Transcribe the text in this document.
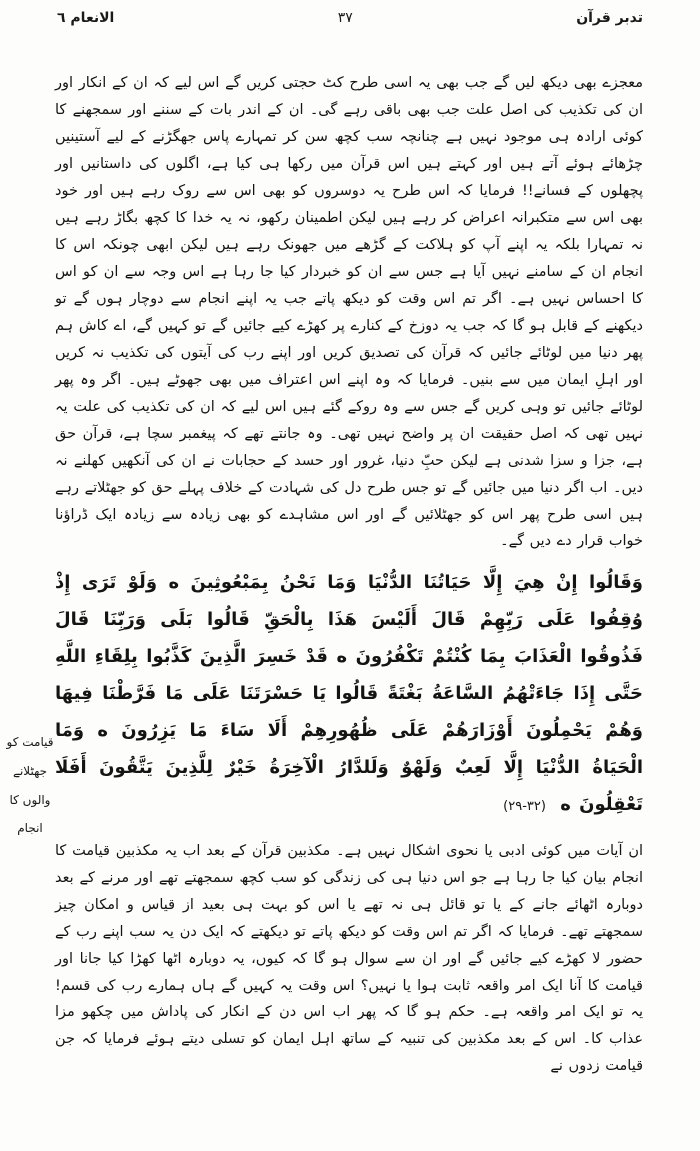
تدبر قرآن
۳۷
الانعام ٦

معجزے بھی دیکھ لیں گے جب بھی یہ اسی طرح کٹ حجتی کریں گے اس لیے کہ ان کے انکار اور ان کی تکذیب کی اصل علت جب بھی باقی رہے گی۔ ان کے اندر بات کے سننے اور سمجھنے کا کوئی ارادہ ہی موجود نہیں ہے چنانچہ سب کچھ سن کر تمہارے پاس جھگڑنے کے لیے آستینیں چڑھائے ہوئے آتے ہیں اور کہتے ہیں اس قرآن میں رکھا ہی کیا ہے، اگلوں کی داستانیں اور پچھلوں کے فسانے!! فرمایا کہ اس طرح یہ دوسروں کو بھی اس سے روک رہے ہیں اور خود بھی اس سے متکبرانہ اعراض کر رہے ہیں لیکن اطمینان رکھو، نہ یہ خدا کا کچھ بگاڑ رہے ہیں نہ تمہارا بلکہ یہ اپنے آپ کو ہلاکت کے گڑھے میں جھونک رہے ہیں لیکن ابھی چونکہ اس کا انجام ان کے سامنے نہیں آیا ہے جس سے ان کو خبردار کیا جا رہا ہے اس وجہ سے ان کو اس کا احساس نہیں ہے۔ اگر تم اس وقت کو دیکھ پاتے جب یہ اپنے انجام سے دوچار ہوں گے تو دیکھنے کے قابل ہو گا کہ جب یہ دوزخ کے کنارے پر کھڑے کیے جائیں گے تو کہیں گے، اے کاش ہم پھر دنیا میں لوٹائے جائیں کہ قرآن کی تصدیق کریں اور اپنے رب کی آیتوں کی تکذیب نہ کریں اور اہلِ ایمان میں سے بنیں۔ فرمایا کہ وہ اپنے اس اعتراف میں بھی جھوٹے ہیں۔ اگر وہ پھر لوٹائے جائیں تو وہی کریں گے جس سے وہ روکے گئے ہیں اس لیے کہ ان کی تکذیب کی علت یہ نہیں تھی کہ اصل حقیقت ان پر واضح نہیں تھی۔ وہ جانتے تھے کہ پیغمبر سچا ہے، قرآن حق ہے، جزا و سزا شدنی ہے لیکن حبِّ دنیا، غرور اور حسد کے حجابات نے ان کی آنکھیں کھلنے نہ دیں۔ اب اگر دنیا میں جائیں گے تو جس طرح دل کی شہادت کے خلاف پہلے حق کو جھٹلاتے رہے ہیں اسی طرح پھر اس کو جھٹلائیں گے اور اس مشاہدے کو بھی زیادہ سے زیادہ ایک ڈراؤنا خواب قرار دے دیں گے۔

وَقَالُوا إِنْ هِيَ إِلَّا حَيَاتُنَا الدُّنْيَا وَمَا نَحْنُ بِمَبْعُوثِينَ ه وَلَوْ تَرَى إِذْ وُقِفُوا عَلَى رَبِّهِمْ قَالَ أَلَيْسَ هَذَا بِالْحَقِّ قَالُوا بَلَى وَرَبِّنَا قَالَ فَذُوقُوا الْعَذَابَ بِمَا كُنْتُمْ تَكْفُرُونَ ه قَدْ خَسِرَ الَّذِينَ كَذَّبُوا بِلِقَاءِ اللَّهِ حَتَّى إِذَا جَاءَتْهُمُ السَّاعَةُ بَغْتَةً قَالُوا يَا حَسْرَتَنَا عَلَى مَا فَرَّطْنَا فِيهَا وَهُمْ يَحْمِلُونَ أَوْزَارَهُمْ عَلَى ظُهُورِهِمْ أَلَا سَاءَ مَا يَزِرُونَ ه وَمَا الْحَيَاةُ الدُّنْيَا إِلَّا لَعِبٌ وَلَهْوٌ وَلَلدَّارُ الْآخِرَةُ خَيْرٌ لِلَّذِينَ يَتَّقُونَ أَفَلَا تَعْقِلُونَ ه (۳۲-۲۹)

ان آیات میں کوئی ادبی یا نحوی اشکال نہیں ہے۔ مکذبین قرآن کے بعد اب یہ مکذبین قیامت کا انجام بیان کیا جا رہا ہے جو اس دنیا ہی کی زندگی کو سب کچھ سمجھتے تھے اور مرنے کے بعد دوبارہ اٹھائے جانے کے یا تو قائل ہی نہ تھے یا اس کو بہت ہی بعید از قیاس و امکان چیز سمجھتے تھے۔ فرمایا کہ اگر تم اس وقت کو دیکھ پاتے تو دیکھتے کہ ایک دن یہ سب اپنے رب کے حضور لا کھڑے کیے جائیں گے اور ان سے سوال ہو گا کہ کیوں، یہ دوبارہ اٹھا کھڑا کیا جانا اور قیامت کا آنا ایک امر واقعہ ثابت ہوا یا نہیں؟ اس وقت یہ کہیں گے ہاں ہمارے رب کی قسم! یہ تو ایک امر واقعہ ہے۔ حکم ہو گا کہ پھر اب اس دن کے انکار کی پاداش میں چکھو مزا عذاب کا۔ اس کے بعد مکذبین کی تنبیہ کے ساتھ اہل ایمان کو تسلی دیتے ہوئے فرمایا کہ جن قیامت زدوں نے

قیامت کو
جھٹلانے
والوں کا
انجام
